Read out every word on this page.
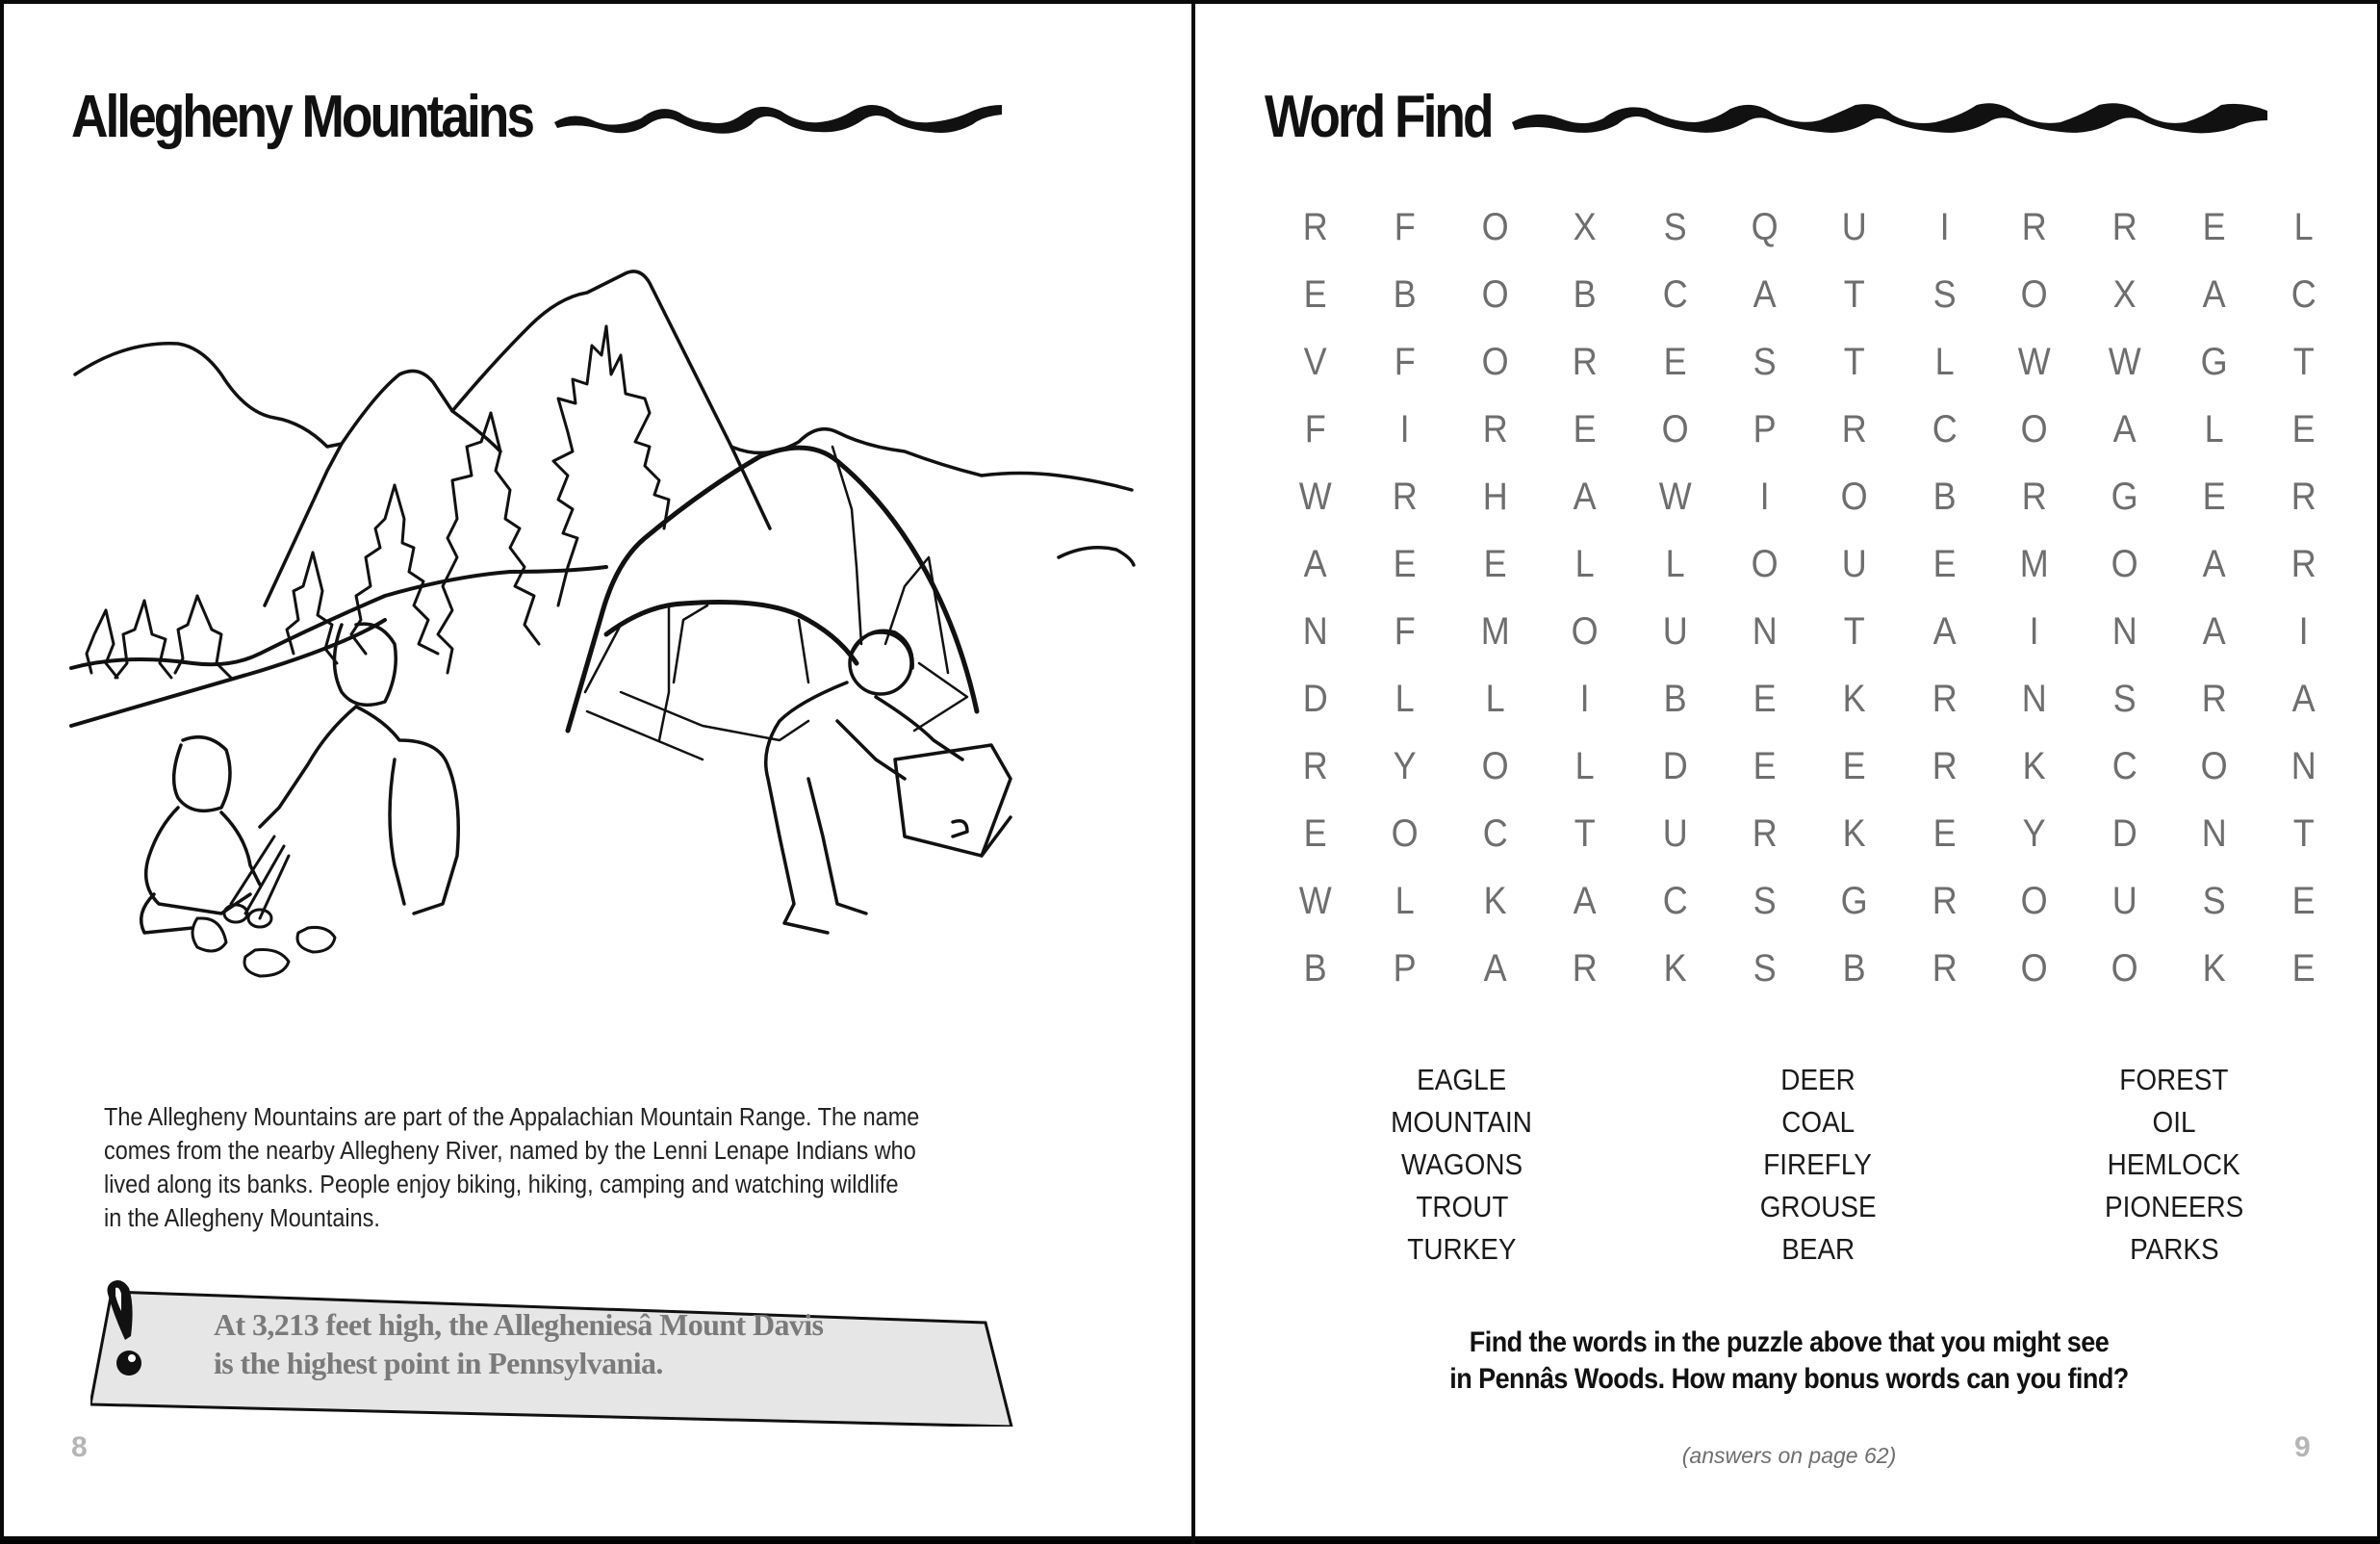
Allegheny Mountains
The Allegheny Mountains are part of the Appalachian Mountain Range. The name
comes from the nearby Allegheny River, named by the Lenni Lenape Indians who
lived along its banks. People enjoy biking, hiking, camping and watching wildlife
in the Allegheny Mountains.
At 3,213 feet high, the Allegheniesâ Mount Davis
is the highest point in Pennsylvania.
8
Word Find
R	F	O	X	S	Q	U	I	R	R	E	L
E	B	O	B	C	A	T	S	O	X	A	C
V	F	O	R	E	S	T	L	W	W	G	T
F	I	R	E	O	P	R	C	O	A	L	E
W	R	H	A	W	I	O	B	R	G	E	R
A	E	E	L	L	O	U	E	M	O	A	R
N	F	M	O	U	N	T	A	I	N	A	I
D	L	L	I	B	E	K	R	N	S	R	A
R	Y	O	L	D	E	E	R	K	C	O	N
E	O	C	T	U	R	K	E	Y	D	N	T
W	L	K	A	C	S	G	R	O	U	S	E
B	P	A	R	K	S	B	R	O	O	K	E
EAGLE
MOUNTAIN
WAGONS
TROUT
TURKEY
DEER
COAL
FIREFLY
GROUSE
BEAR
FOREST
OIL
HEMLOCK
PIONEERS
PARKS
Find the words in the puzzle above that you might see
in Pennâs Woods. How many bonus words can you find?
(answers on page 62)	9
